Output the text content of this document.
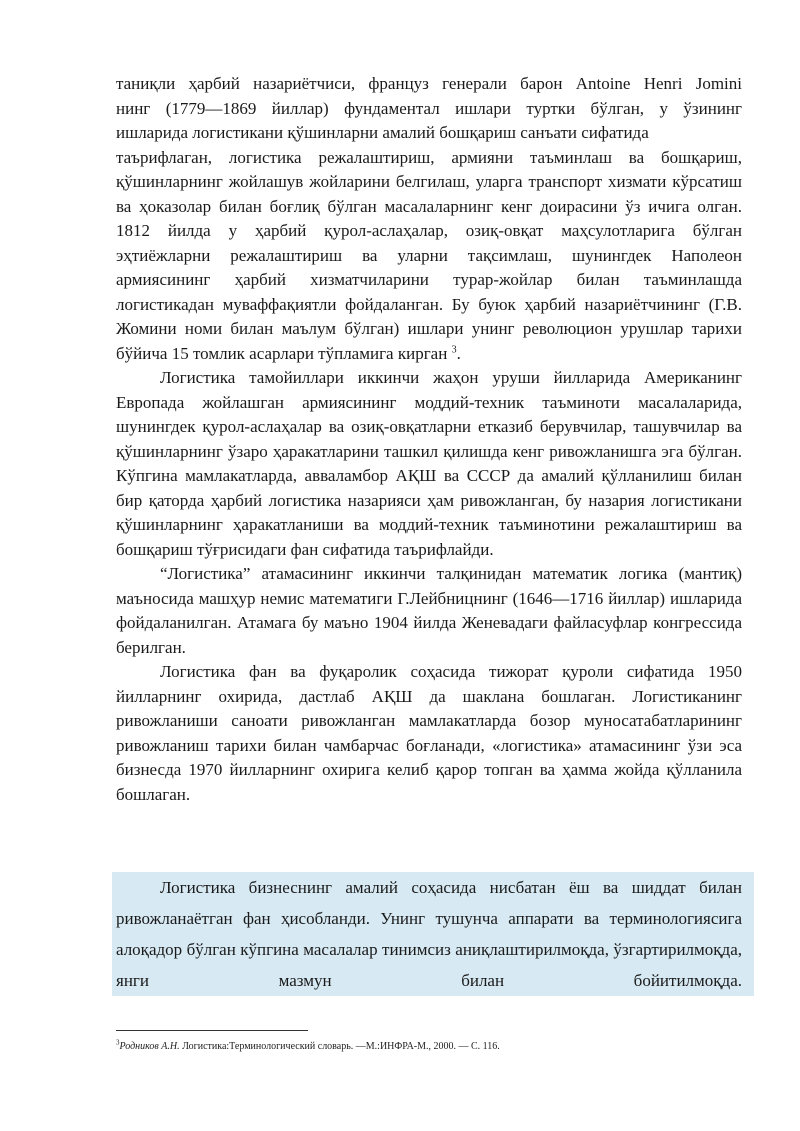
таниқли ҳарбий назариётчиси, француз генерали барон Antoine Henri Jomini

нинг (1779—1869 йиллар) фундаментал ишлари туртки бўлган, у ўзининг

ишларида логистикани қўшинларни амалий бошқариш санъати сифатида

таърифлаган, логистика режалаштириш, армияни таъминлаш ва бошқариш, қўшинларнинг жойлашув жойларини белгилаш, уларга транспорт хизмати кўрсатиш ва ҳоказолар билан боғлиқ бўлган масалаларнинг кенг доирасини ўз ичига олган. 1812 йилда у ҳарбий қурол-аслаҳалар, озиқ-овқат маҳсулотларига бўлган эҳтиёжларни режалаштириш ва уларни тақсимлаш, шунингдек Наполеон армиясининг ҳарбий хизматчиларини турар-жойлар билан таъминлашда логистикадан муваффақиятли фойдаланган. Бу буюк ҳарбий назариётчининг (Г.В. Жомини номи билан маълум бўлган) ишлари унинг революцион урушлар тарихи бўйича 15 томлик асарлари тўпламига кирган $^3$.

Логистика тамойиллари иккинчи жаҳон уруши йилларида Американинг Европада жойлашган армиясининг моддий-техник таъминоти масалаларида, шунингдек қурол-аслаҳалар ва озиқ-овқатларни етказиб берувчилар, ташувчилар ва қўшинларнинг ўзаро ҳаракатларини ташкил қилишда кенг ривожланишга эга бўлган. Кўпгина мамлакатларда, авваламбор АҚШ ва СССР да амалий қўлланилиш билан бир қаторда ҳарбий логистика назарияси ҳам ривожланган, бу назария логистикани қўшинларнинг ҳаракатланиши ва моддий-техник таъминотини режалаштириш ва бошқариш тўғрисидаги фан сифатида таърифлайди.

“Логистика” атамасининг иккинчи талқинидан математик логика (мантиқ) маъносида машҳур немис математиги Г.Лейбницнинг (1646—1716 йиллар) ишларида фойдаланилган. Атамага бу маъно 1904 йилда Женевадаги файласуфлар конгрессида берилган.

Логистика фан ва фуқаролик соҳасида тижорат қуроли сифатида 1950 йилларнинг охирида, дастлаб АҚШ да шаклана бошлаган. Логистиканинг ривожланиши саноати ривожланган мамлакатларда бозор муносатабатларининг ривожланиш тарихи билан чамбарчас боғланади, «логистика» атамасининг ўзи эса бизнесда 1970 йилларнинг охирига келиб қарор топган ва ҳамма жойда қўлланила бошлаган.

Логистика бизнеснинг амалий соҳасида нисбатан ёш ва шиддат билан ривожланаётган фан ҳисобланди. Унинг тушунча аппарати ва терминологиясига алоқадор бўлган кўпгина масалалар тинимсиз аниқлаштирилмоқда, ўзгартирилмоқда, янги мазмун билан бойитилмоқда.

$^3$Родников А.Н. Логистика:Терминологический словарь. —М.:ИНФРА-М., 2000. — С. 116.
